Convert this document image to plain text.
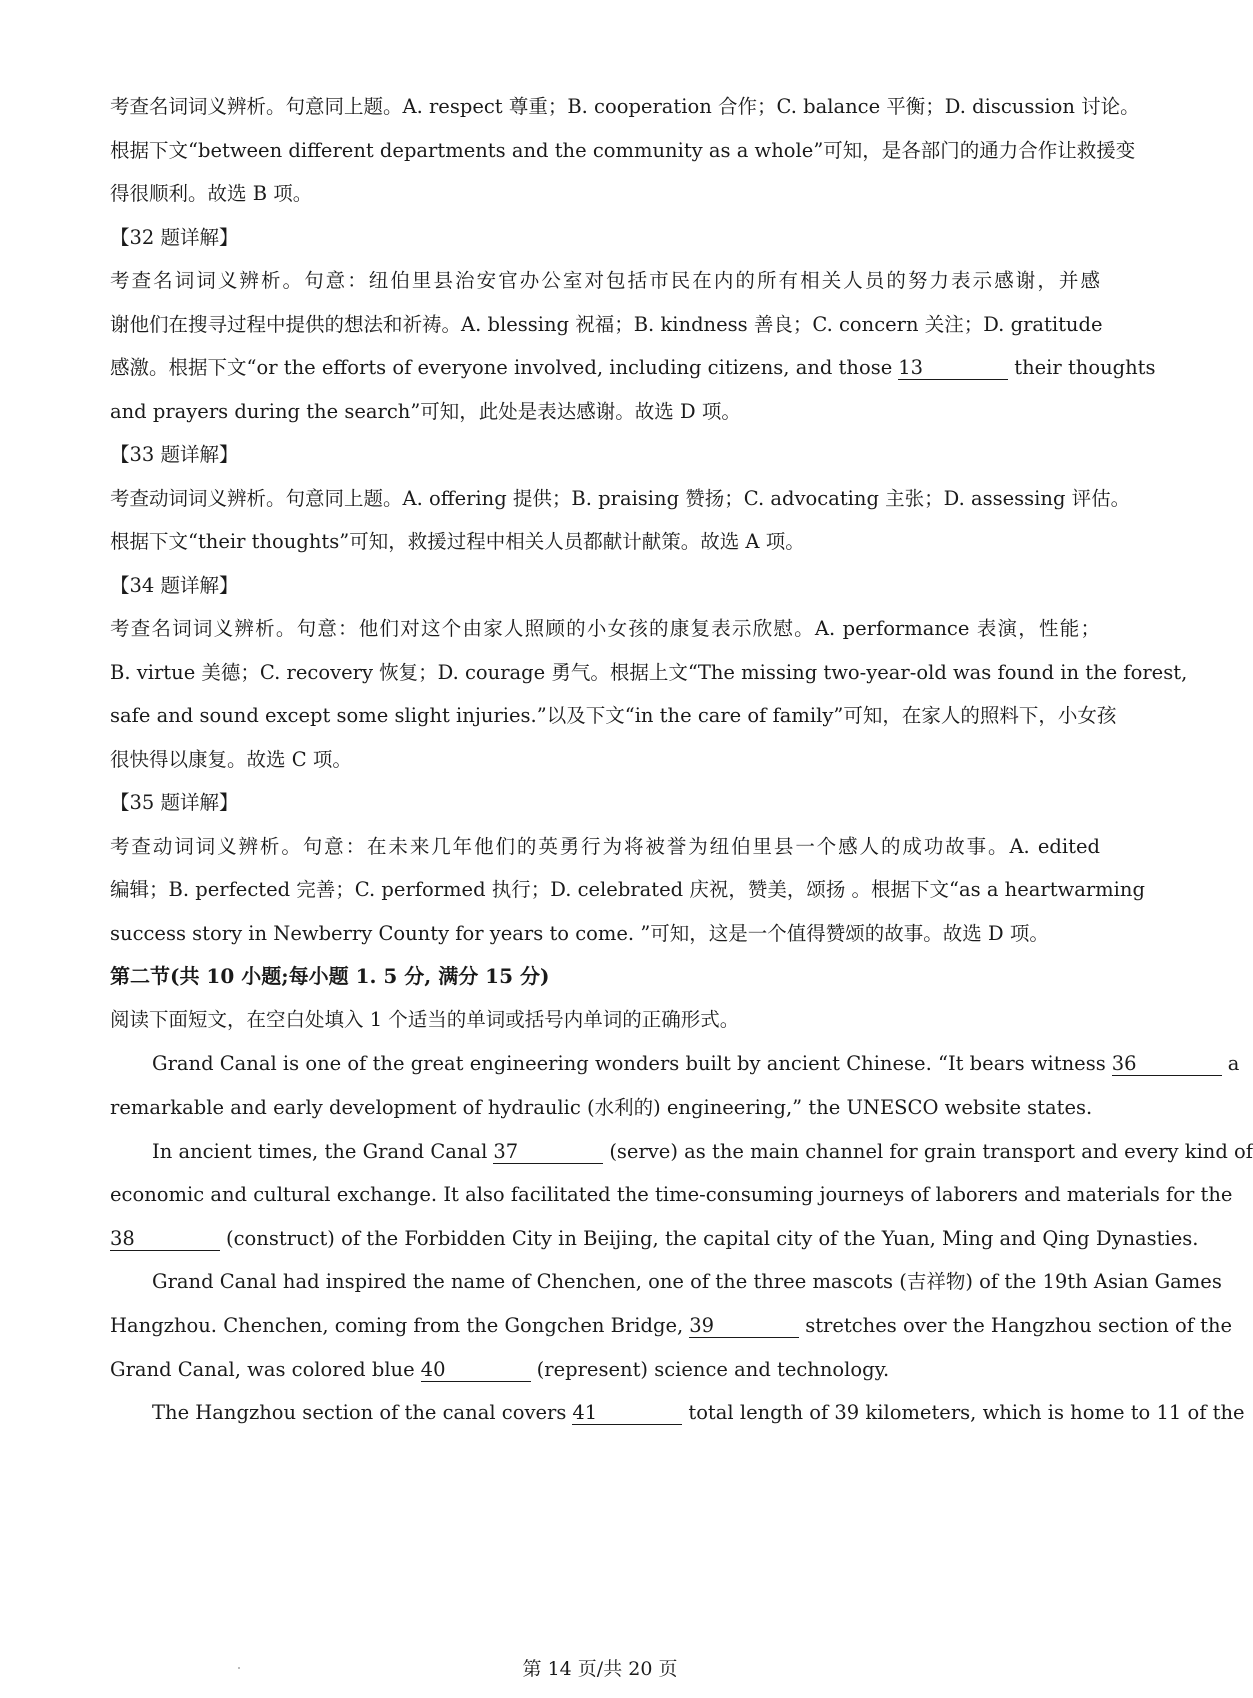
考查名词词义辨析。句意同上题。A. respect 尊重；B. cooperation 合作；C. balance 平衡；D. discussion 讨论。
根据下文“between different departments and the community as a whole”可知，是各部门的通力合作让救援变
得很顺利。故选 B 项。
【32 题详解】
考查名词词义辨析。句意：纽伯里县治安官办公室对包括市民在内的所有相关人员的努力表示感谢，并感
谢他们在搜寻过程中提供的想法和祈祷。A. blessing 祝福；B. kindness 善良；C. concern 关注；D. gratitude
感激。根据下文“or the efforts of everyone involved, including citizens, and those 13	their thoughts
and prayers during the search”可知，此处是表达感谢。故选 D 项。
【33 题详解】
考查动词词义辨析。句意同上题。A. offering 提供；B. praising 赞扬；C. advocating 主张；D. assessing 评估。
根据下文“their thoughts”可知，救援过程中相关人员都献计献策。故选 A 项。
【34 题详解】
考查名词词义辨析。句意：他们对这个由家人照顾的小女孩的康复表示欣慰。A. performance 表演，性能；
B. virtue 美德；C. recovery 恢复；D. courage 勇气。根据上文“The missing two-year-old was found in the forest,
safe and sound except some slight injuries.”以及下文“in the care of family”可知，在家人的照料下，小女孩
很快得以康复。故选 C 项。
【35 题详解】
考查动词词义辨析。句意：在未来几年他们的英勇行为将被誉为纽伯里县一个感人的成功故事。A. edited
编辑；B. perfected 完善；C. performed 执行；D. celebrated 庆祝，赞美，颂扬 。根据下文“as a heartwarming
success story in Newberry County for years to come. ”可知，这是一个值得赞颂的故事。故选 D 项。
第二节(共 10 小题;每小题 1. 5 分, 满分 15 分)
阅读下面短文，在空白处填入 1 个适当的单词或括号内单词的正确形式。
Grand Canal is one of the great engineering wonders built by ancient Chinese. “It bears witness 36	a
remarkable and early development of hydraulic (水利的) engineering,” the UNESCO website states.
In ancient times, the Grand Canal 37	(serve) as the main channel for grain transport and every kind of
economic and cultural exchange. It also facilitated the time-consuming journeys of laborers and materials for the
38	(construct) of the Forbidden City in Beijing, the capital city of the Yuan, Ming and Qing Dynasties.
Grand Canal had inspired the name of Chenchen, one of the three mascots (吉祥物) of the 19th Asian Games
Hangzhou. Chenchen, coming from the Gongchen Bridge, 39	stretches over the Hangzhou section of the
Grand Canal, was colored blue 40	(represent) science and technology.
The Hangzhou section of the canal covers 41	total length of 39 kilometers, which is home to 11 of the
第 14 页/共 20 页
